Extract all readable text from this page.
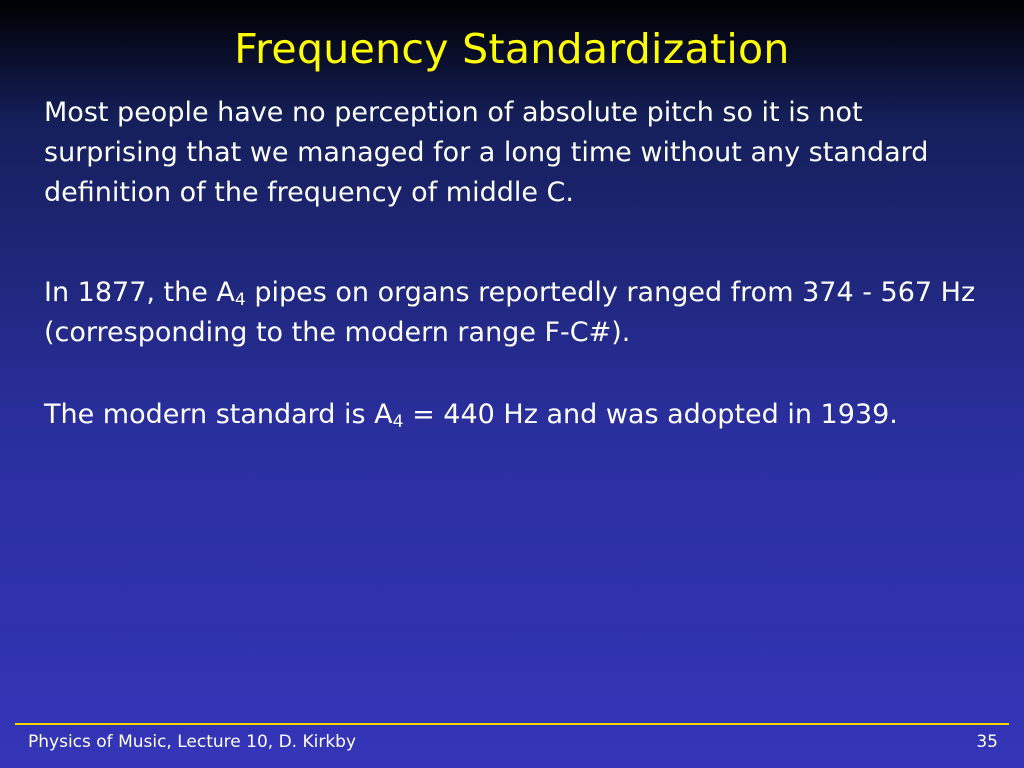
Frequency Standardization
Most people have no perception of absolute pitch so it is not surprising that we managed for a long time without any standard definition of the frequency of middle C.
In 1877, the $A_4$ pipes on organs reportedly ranged from 374 - 567 Hz (corresponding to the modern range F-C#).
The modern standard is $A_4 = 440$ Hz and was adopted in 1939.
Physics of Music, Lecture 10, D. Kirkby	35
